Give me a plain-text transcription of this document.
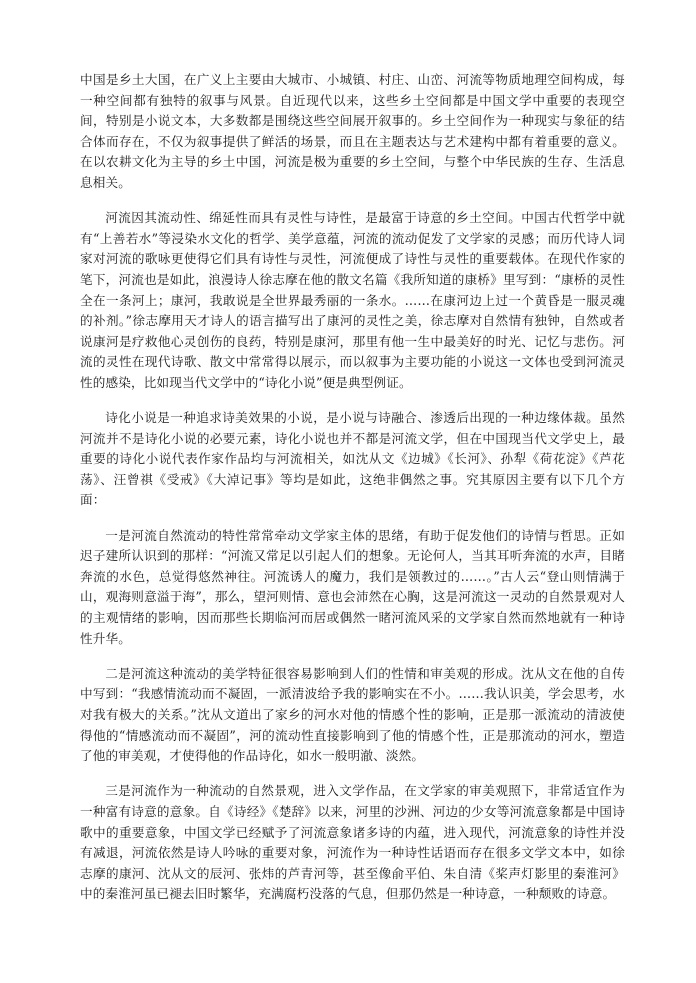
中国是乡土大国，在广义上主要由大城市、小城镇、村庄、山峦、河流等物质地理空间构成，每一种空间都有独特的叙事与风景。自近现代以来，这些乡土空间都是中国文学中重要的表现空间，特别是小说文本，大多数都是围绕这些空间展开叙事的。乡土空间作为一种现实与象征的结合体而存在，不仅为叙事提供了鲜活的场景，而且在主题表达与艺术建构中都有着重要的意义。在以农耕文化为主导的乡土中国，河流是极为重要的乡土空间，与整个中华民族的生存、生活息息相关。

河流因其流动性、绵延性而具有灵性与诗性，是最富于诗意的乡土空间。中国古代哲学中就有“上善若水”等浸染水文化的哲学、美学意蕴，河流的流动促发了文学家的灵感；而历代诗人词家对河流的歌咏更使得它们具有诗性与灵性，河流便成了诗性与灵性的重要载体。在现代作家的笔下，河流也是如此，浪漫诗人徐志摩在他的散文名篇《我所知道的康桥》里写到：“康桥的灵性全在一条河上；康河，我敢说是全世界最秀丽的一条水。……在康河边上过一个黄昏是一服灵魂的补剂。”徐志摩用天才诗人的语言描写出了康河的灵性之美，徐志摩对自然情有独钟，自然或者说康河是疗救他心灵创伤的良药，特别是康河，那里有他一生中最美好的时光、记忆与悲伤。河流的灵性在现代诗歌、散文中常常得以展示，而以叙事为主要功能的小说这一文体也受到河流灵性的感染，比如现当代文学中的“诗化小说”便是典型例证。

诗化小说是一种追求诗美效果的小说，是小说与诗融合、渗透后出现的一种边缘体裁。虽然河流并不是诗化小说的必要元素，诗化小说也并不都是河流文学，但在中国现当代文学史上，最重要的诗化小说代表作家作品均与河流相关，如沈从文《边城》《长河》、孙犁《荷花淀》《芦花荡》、汪曾祺《受戒》《大淖记事》等均是如此，这绝非偶然之事。究其原因主要有以下几个方面：

一是河流自然流动的特性常常牵动文学家主体的思绪，有助于促发他们的诗情与哲思。正如迟子建所认识到的那样：“河流又常足以引起人们的想象。无论何人，当其耳听奔流的水声，目睹奔流的水色，总觉得悠然神往。河流诱人的魔力，我们是领教过的……。”古人云“登山则情满于山，观海则意溢于海”，那么，望河则情、意也会沛然在心胸，这是河流这一灵动的自然景观对人的主观情绪的影响，因而那些长期临河而居或偶然一睹河流风采的文学家自然而然地就有一种诗性升华。

二是河流这种流动的美学特征很容易影响到人们的性情和审美观的形成。沈从文在他的自传中写到：“我感情流动而不凝固，一派清波给予我的影响实在不小。……我认识美，学会思考，水对我有极大的关系。”沈从文道出了家乡的河水对他的情感个性的影响，正是那一派流动的清波使得他的“情感流动而不凝固”，河的流动性直接影响到了他的情感个性，正是那流动的河水，塑造了他的审美观，才使得他的作品诗化，如水一般明澈、淡然。

三是河流作为一种流动的自然景观，进入文学作品，在文学家的审美观照下，非常适宜作为一种富有诗意的意象。自《诗经》《楚辞》以来，河里的沙洲、河边的少女等河流意象都是中国诗歌中的重要意象，中国文学已经赋予了河流意象诸多诗的内蕴，进入现代，河流意象的诗性并没有减退，河流依然是诗人吟咏的重要对象，河流作为一种诗性话语而存在很多文学文本中，如徐志摩的康河、沈从文的辰河、张炜的芦青河等，甚至像俞平伯、朱自清《桨声灯影里的秦淮河》中的秦淮河虽已褪去旧时繁华，充满腐朽没落的气息，但那仍然是一种诗意，一种颓败的诗意。
